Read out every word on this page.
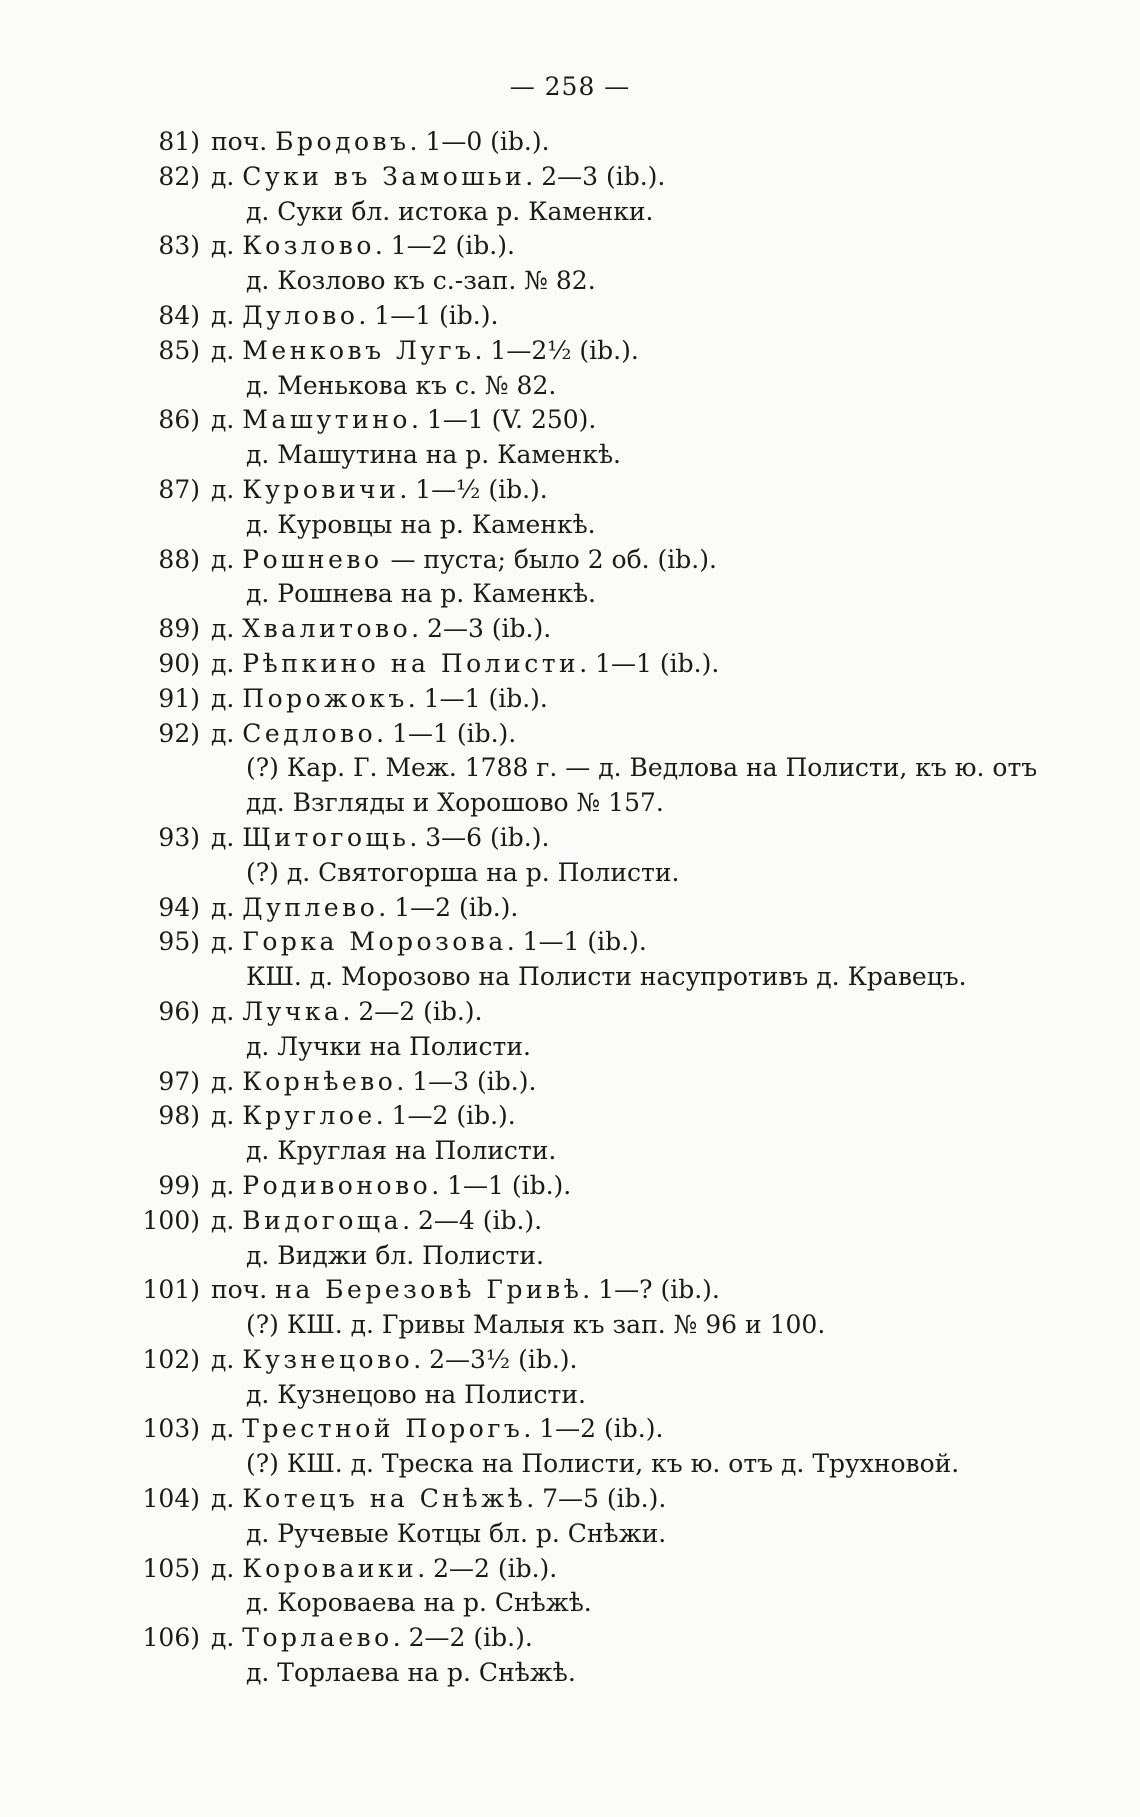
— 258 —
81) поч. Бродовъ. 1—0 (ib.).
82) д. Суки въ Замошьи. 2—3 (ib.).
д. Суки бл. истока р. Каменки.
83) д. Козлово. 1—2 (ib.).
д. Козлово къ с.-зап. № 82.
84) д. Дулово. 1—1 (ib.).
85) д. Менковъ Лугъ. 1—2½ (ib.).
д. Менькова къ с. № 82.
86) д. Машутино. 1—1 (V. 250).
д. Машутина на р. Каменкѣ.
87) д. Куровичи. 1—½ (ib.).
д. Куровцы на р. Каменкѣ.
88) д. Рошнево — пуста; было 2 об. (ib.).
д. Рошнева на р. Каменкѣ.
89) д. Хвалитово. 2—3 (ib.).
90) д. Рѣпкино на Полисти. 1—1 (ib.).
91) д. Порожокъ. 1—1 (ib.).
92) д. Седлово. 1—1 (ib.).
(?) Кар. Г. Меж. 1788 г. — д. Ведлова на Полисти, къ ю. отъ
дд. Взгляды и Хорошово № 157.
93) д. Щитогощь. 3—6 (ib.).
(?) д. Святогорша на р. Полисти.
94) д. Дуплево. 1—2 (ib.).
95) д. Горка Морозова. 1—1 (ib.).
КШ. д. Морозово на Полисти насупротивъ д. Кравецъ.
96) д. Лучка. 2—2 (ib.).
д. Лучки на Полисти.
97) д. Корнѣево. 1—3 (ib.).
98) д. Круглое. 1—2 (ib.).
д. Круглая на Полисти.
99) д. Родивоново. 1—1 (ib.).
100) д. Видогоща. 2—4 (ib.).
д. Виджи бл. Полисти.
101) поч. на Березовѣ Гривѣ. 1—? (ib.).
(?) КШ. д. Гривы Малыя къ зап. № 96 и 100.
102) д. Кузнецово. 2—3½ (ib.).
д. Кузнецово на Полисти.
103) д. Трестной Порогъ. 1—2 (ib.).
(?) КШ. д. Треска на Полисти, къ ю. отъ д. Трухновой.
104) д. Котецъ на Снѣжѣ. 7—5 (ib.).
д. Ручевые Котцы бл. р. Снѣжи.
105) д. Короваики. 2—2 (ib.).
д. Короваева на р. Снѣжѣ.
106) д. Торлаево. 2—2 (ib.).
д. Торлаева на р. Снѣжѣ.
